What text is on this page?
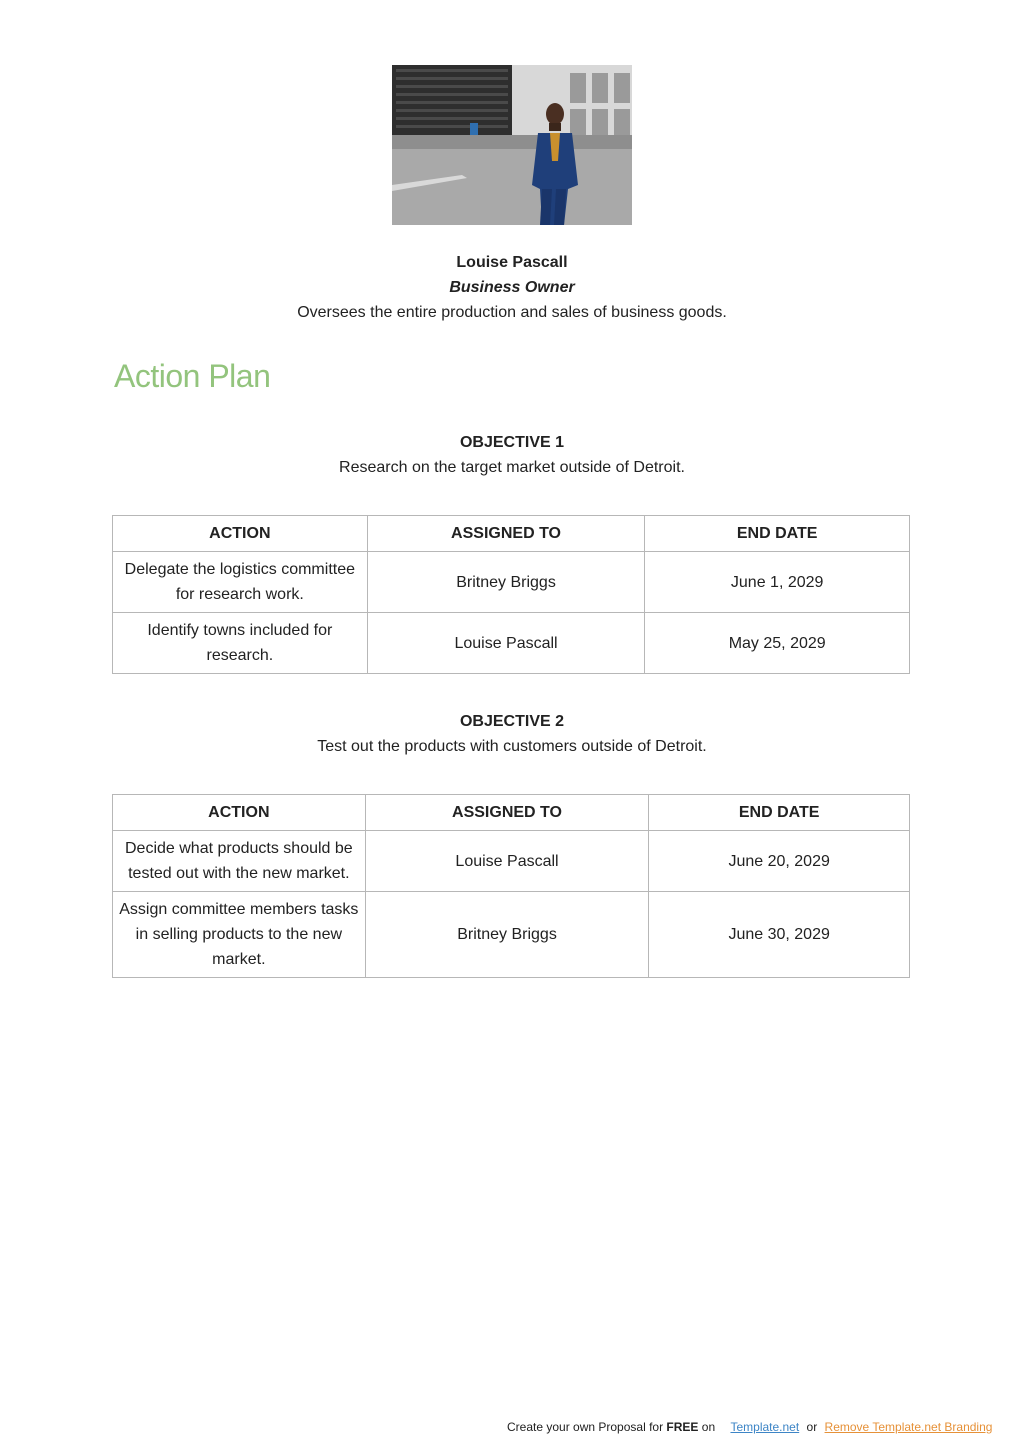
Louise Pascall
Business Owner
Oversees the entire production and sales of business goods.
Action Plan
OBJECTIVE 1
Research on the target market outside of Detroit.
ACTION	ASSIGNED TO	END DATE
Delegate the logistics committee for research work.	Britney Briggs	June 1, 2029
Identify towns included for research.	Louise Pascall	May 25, 2029
OBJECTIVE 2
Test out the products with customers outside of Detroit.
ACTION	ASSIGNED TO	END DATE
Decide what products should be tested out with the new market.	Louise Pascall	June 20, 2029
Assign committee members tasks in selling products to the new market.	Britney Briggs	June 30, 2029
Create your own Proposal for FREE on Template.net or Remove Template.net Branding
